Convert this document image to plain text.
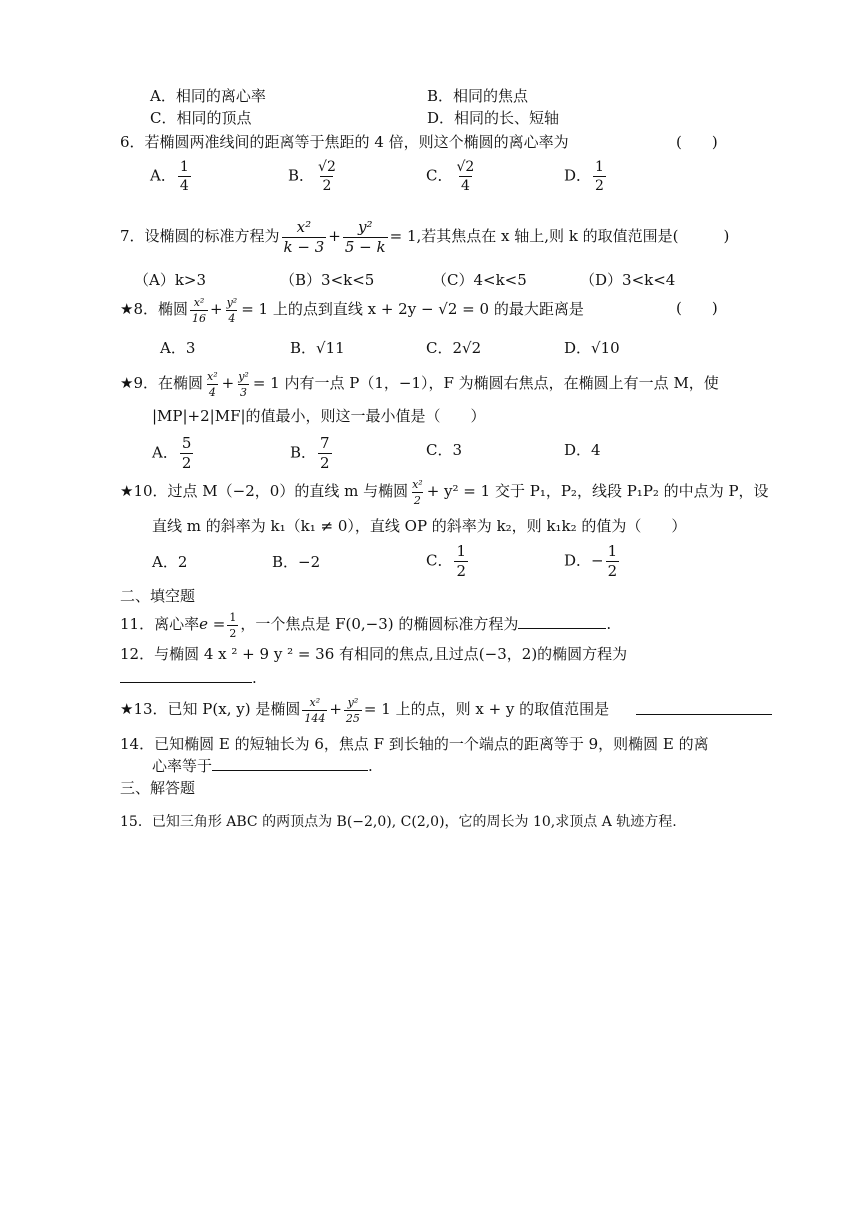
A．相同的离心率	B．相同的焦点
C．相同的顶点	D．相同的长、短轴
6．若椭圆两准线间的距离等于焦距的 4 倍，则这个椭圆的离心率为	(　　)
A． $\frac{1}{4}$	B． $\frac{√2}{2}$	C． $\frac{√2}{4}$	D． $\frac{1}{2}$
7．设椭圆的标准方程为 $\frac{\text{x²}}{k - 3} + \frac{\text{y²}}{5 - k} = 1$,若其焦点在 x 轴上,则 k 的取值范围是(　　　)
（A）k>3	（B）3<k<5	（C）4<k<5	（D）3<k<4
★8．椭圆 $\frac{\text{x²}}{16} + \frac{\text{y²}}{4} = 1$ 上的点到直线 x + 2y − √2 = 0 的最大距离是	(　　)
A．3	B．√11	C．2√2	D．√10
★9．在椭圆 $\frac{\text{x²}}{4} + \frac{\text{y²}}{3} = 1$ 内有一点 P（1，−1），F 为椭圆右焦点，在椭圆上有一点 M，使
|MP|+2|MF|的值最小，则这一最小值是（　　）
A． $\frac{5}{2}$	B． $\frac{7}{2}$	C．3	D．4
★10．过点 M（−2，0）的直线 m 与椭圆 $\frac{\text{x²}}{2} + y^2 = 1$ 交于 P₁，P₂，线段 P₁P₂ 的中点为 P，设
直线 m 的斜率为 k₁（k₁ ≠ 0），直线 OP 的斜率为 k₂，则 k₁k₂ 的值为（　　）
A．2	B．−2	C． $\frac{1}{2}$	D．− $\frac{1}{2}$
二、填空题
11．离心率$e = \frac{1}{2}$ ，一个焦点是 F(0,−3) 的椭圆标准方程为	.
12．与椭圆 4 x ² + 9 y ² = 36 有相同的焦点,且过点(−3，2)的椭圆方程为
.
★13．已知 P(x, y) 是椭圆 $\frac{\text{x²}}{144} + \frac{\text{y²}}{25} = 1$ 上的点，则 x + y 的取值范围是
14．已知椭圆 E 的短轴长为 6，焦点 F 到长轴的一个端点的距离等于 9，则椭圆 E 的离
心率等于	.
三、解答题
15．已知三角形 ABC 的两顶点为 B(−2,0), C(2,0)，它的周长为 10,求顶点 A 轨迹方程.
